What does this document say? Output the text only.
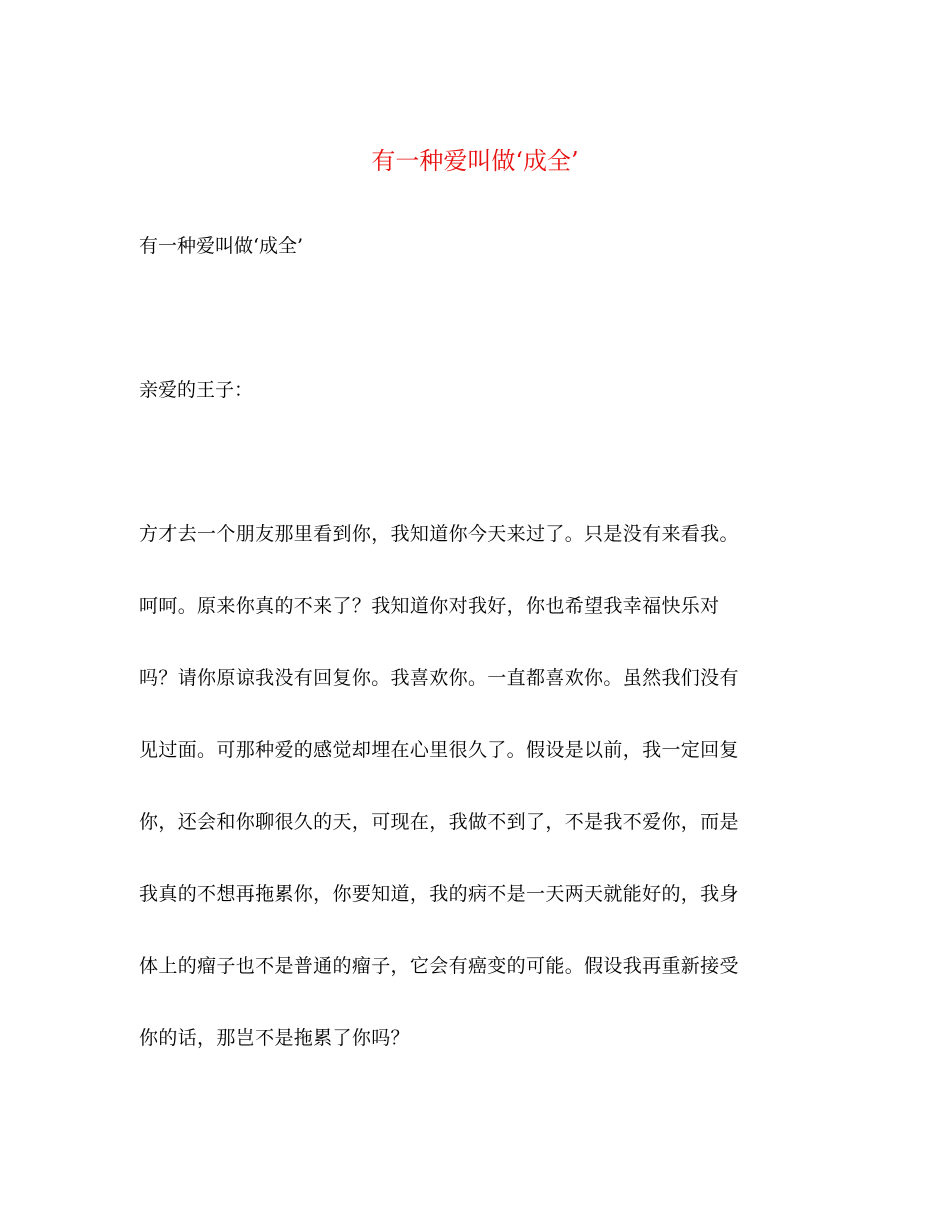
有一种爱叫做‘成全’
有一种爱叫做‘成全’
亲爱的王子：
方才去一个朋友那里看到你，我知道你今天来过了。只是没有来看我。
呵呵。原来你真的不来了？我知道你对我好，你也希望我幸福快乐对
吗？请你原谅我没有回复你。我喜欢你。一直都喜欢你。虽然我们没有
见过面。可那种爱的感觉却埋在心里很久了。假设是以前，我一定回复
你，还会和你聊很久的天，可现在，我做不到了，不是我不爱你，而是
我真的不想再拖累你，你要知道，我的病不是一天两天就能好的，我身
体上的瘤子也不是普通的瘤子，它会有癌变的可能。假设我再重新接受
你的话，那岂不是拖累了你吗？
